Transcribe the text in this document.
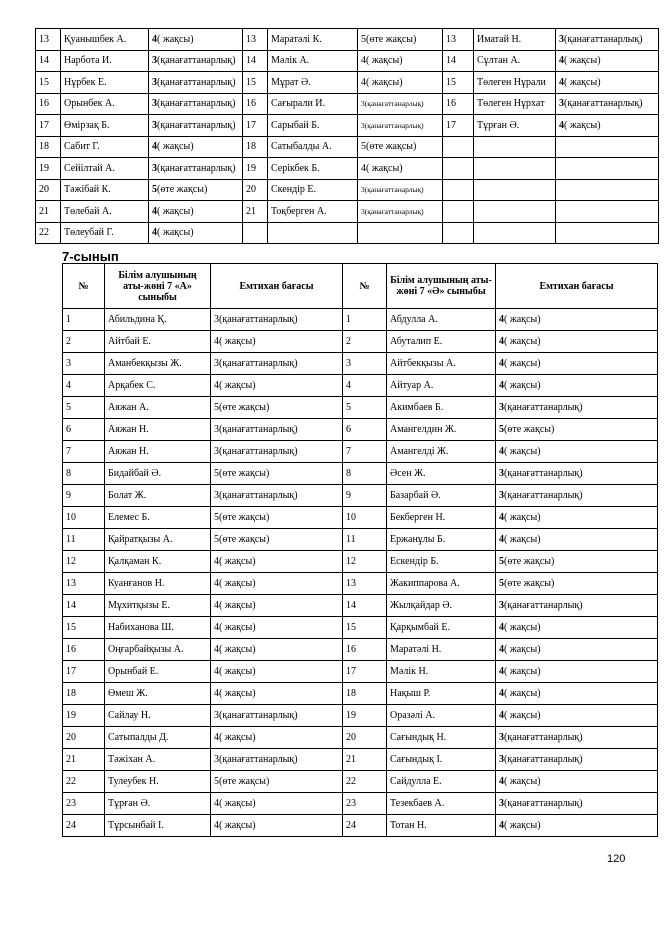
13	Қуанышбек А.	4( жақсы)	13	Маратәлі К.	5(өте жақсы)	13	Иматай Н.	3(қанағаттанарлық)
14	Нарбота И.	3(қанағаттанарлық)	14	Мәлік А.	4( жақсы)	14	Сұлтан А.	4( жақсы)
15	Нұрбек Е.	3(қанағаттанарлық)	15	Мұрат Ә.	4( жақсы)	15	Төлеген Нұрали	4( жақсы)
16	Орынбек А.	3(қанағаттанарлық)	16	Сағырали И.	3(қанағаттанарлық)	16	Төлеген Нұрхат	3(қанағаттанарлық)
17	Өмірзақ Б.	3(қанағаттанарлық)	17	Сарыбай Б.	3(қанағаттанарлық)	17	Тұрған Ә.	4( жақсы)
18	Сабит Г.	4( жақсы)	18	Сатыбалды А.	5(өте жақсы)			
19	Сейілтай А.	3(қанағаттанарлық)	19	Серікбек Б.	4( жақсы)			
20	Тәжібай К.	5(өте жақсы)	20	Скендір Е.	3(қанағаттанарлық)			
21	Төлебай А.	4( жақсы)	21	Тоқберген А.	3(қанағаттанарлық)			
22	Төлеубай Г.	4( жақсы)						
7-сынып
№	Білім алушының аты-жөні 7 «А» сыныбы	Емтихан бағасы	№	Білім алушының аты-жөні 7 «Ә» сыныбы	Емтихан бағасы
1	Абильдина Қ.	3(қанағаттанарлық)	1	Абдулла А.	4( жақсы)
2	Айтбай Е.	4( жақсы)	2	Абуталип Е.	4( жақсы)
3	Аманбекқызы Ж.	3(қанағаттанарлық)	3	Айтбекқызы А.	4( жақсы)
4	Арқабек С.	4( жақсы)	4	Айтуар А.	4( жақсы)
5	Аяжан А.	5(өте жақсы)	5	Акимбаев Б.	3(қанағаттанарлық)
6	Аяжан Н.	3(қанағаттанарлық)	6	Амангелдин Ж.	5(өте жақсы)
7	Аяжан Н.	3(қанағаттанарлық)	7	Амангелді Ж.	4( жақсы)
8	Бидайбай Ә.	5(өте жақсы)	8	Әсен Ж.	3(қанағаттанарлық)
9	Болат Ж.	3(қанағаттанарлық)	9	Базарбай Ә.	3(қанағаттанарлық)
10	Елемес Б.	5(өте жақсы)	10	Бекберген Н.	4( жақсы)
11	Қайратқызы А.	5(өте жақсы)	11	Ержанұлы Б.	4( жақсы)
12	Қалқаман К.	4( жақсы)	12	Ескендір Б.	5(өте жақсы)
13	Куанғанов Н.	4( жақсы)	13	Жакиппарова А.	5(өте жақсы)
14	Мұхитқызы Е.	4( жақсы)	14	Жылқайдар Ә.	3(қанағаттанарлық)
15	Набиханова Ш.	4( жақсы)	15	Қарқымбай Е.	4( жақсы)
16	Оңғарбайқызы А.	4( жақсы)	16	Маратәлі Н.	4( жақсы)
17	Орынбай Е.	4( жақсы)	17	Мәлік Н.	4( жақсы)
18	Өмеш Ж.	4( жақсы)	18	Нақыш Р.	4( жақсы)
19	Сайлау Н.	3(қанағаттанарлық)	19	Оразәлі А.	4( жақсы)
20	Сатыпалды Д.	4( жақсы)	20	Сағындық Н.	3(қанағаттанарлық)
21	Тәжіхан А.	3(қанағаттанарлық)	21	Сағындық І.	3(қанағаттанарлық)
22	Тулеубек Н.	5(өте жақсы)	22	Сайдулла Е.	4( жақсы)
23	Тұрған Ә.	4( жақсы)	23	Тезекбаев А.	3(қанағаттанарлық)
24	Тұрсынбай І.	4( жақсы)	24	Тотан Н.	4( жақсы)
120
